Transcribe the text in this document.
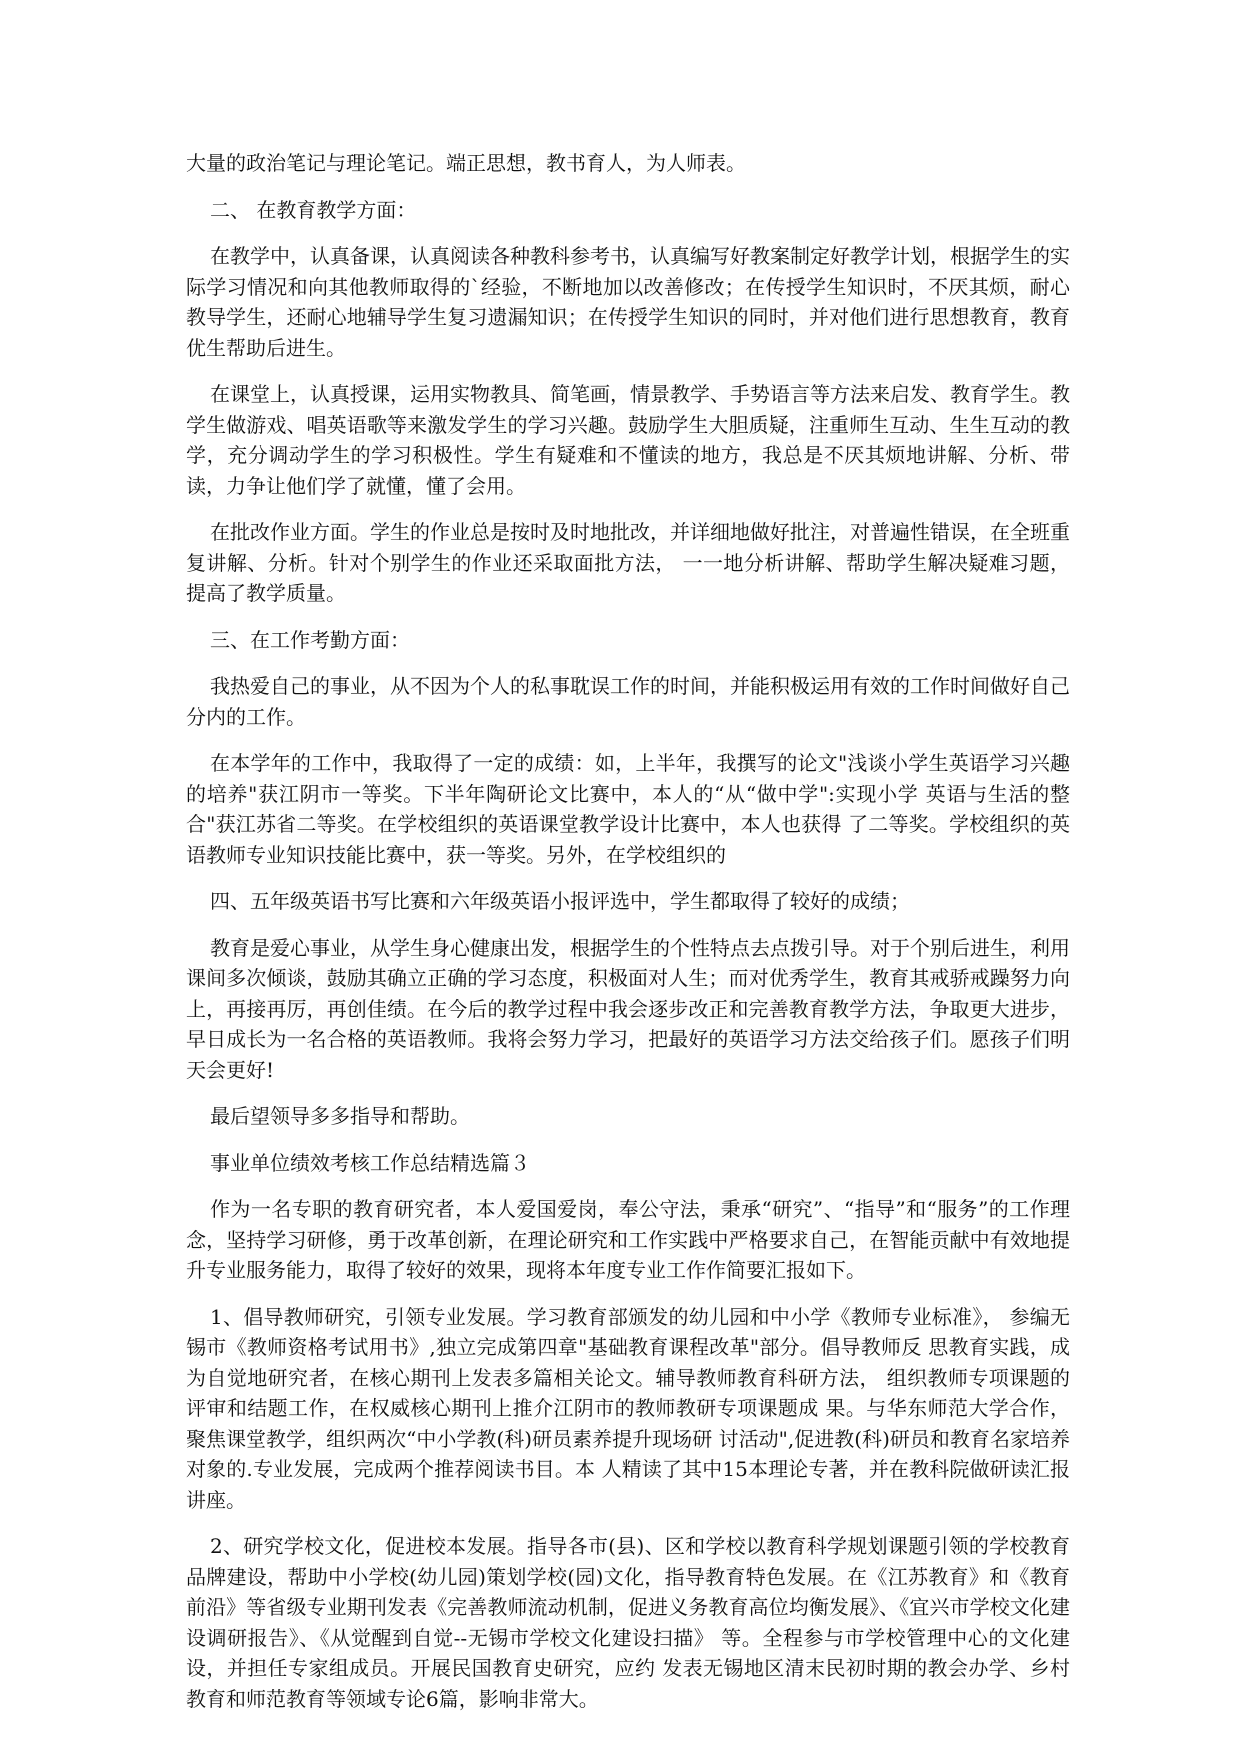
大量的政治笔记与理论笔记。端正思想，教书育人，为人师表。

二、 在教育教学方面：

在教学中，认真备课，认真阅读各种教科参考书，认真编写好教案制定好教学计划，根据学生的实际学习情况和向其他教师取得的`经验，不断地加以改善修改；在传授学生知识时，不厌其烦，耐心教导学生，还耐心地辅导学生复习遗漏知识；在传授学生知识的同时，并对他们进行思想教育，教育优生帮助后进生。

在课堂上，认真授课，运用实物教具、简笔画，情景教学、手势语言等方法来启发、教育学生。教学生做游戏、唱英语歌等来激发学生的学习兴趣。鼓励学生大胆质疑，注重师生互动、生生互动的教学，充分调动学生的学习积极性。学生有疑难和不懂读的地方，我总是不厌其烦地讲解、分析、带读，力争让他们学了就懂，懂了会用。

在批改作业方面。学生的作业总是按时及时地批改，并详细地做好批注，对普遍性错误，在全班重复讲解、分析。针对个别学生的作业还采取面批方法， 一一地分析讲解、帮助学生解决疑难习题，提高了教学质量。

三、在工作考勤方面：

我热爱自己的事业，从不因为个人的私事耽误工作的时间，并能积极运用有效的工作时间做好自己分内的工作。

在本学年的工作中，我取得了一定的成绩：如，上半年，我撰写的论文"浅谈小学生英语学习兴趣的培养"获江阴市一等奖。下半年陶研论文比赛中，本人的“从“做中学":实现小学 英语与生活的整合"获江苏省二等奖。在学校组织的英语课堂教学设计比赛中，本人也获得 了二等奖。学校组织的英语教师专业知识技能比赛中，获一等奖。另外，在学校组织的

四、五年级英语书写比赛和六年级英语小报评选中，学生都取得了较好的成绩；

教育是爱心事业，从学生身心健康出发，根据学生的个性特点去点拨引导。对于个别后进生，利用课间多次倾谈，鼓励其确立正确的学习态度，积极面对人生；而对优秀学生，教育其戒骄戒躁努力向上，再接再厉，再创佳绩。在今后的教学过程中我会逐步改正和完善教育教学方法，争取更大进步，早日成长为一名合格的英语教师。我将会努力学习，把最好的英语学习方法交给孩子们。愿孩子们明天会更好!

最后望领导多多指导和帮助。

事业单位绩效考核工作总结精选篇３

作为一名专职的教育研究者，本人爱国爱岗，奉公守法，秉承“研究”、“指导”和“服务”的工作理念，坚持学习研修，勇于改革创新，在理论研究和工作实践中严格要求自己，在智能贡献中有效地提升专业服务能力，取得了较好的效果，现将本年度专业工作作简要汇报如下。

1、倡导教师研究，引领专业发展。学习教育部颁发的幼儿园和中小学《教师专业标准》， 参编无锡市《教师资格考试用书》,独立完成第四章"基础教育课程改革"部分。倡导教师反 思教育实践，成为自觉地研究者，在核心期刊上发表多篇相关论文。辅导教师教育科研方法， 组织教师专项课题的评审和结题工作，在权威核心期刊上推介江阴市的教师教研专项课题成 果。与华东师范大学合作，聚焦课堂教学，组织两次“中小学教(科)研员素养提升现场研 讨活动",促进教(科)研员和教育名家培养对象的.专业发展，完成两个推荐阅读书目。本 人精读了其中15本理论专著，并在教科院做研读汇报讲座。

2、研究学校文化，促进校本发展。指导各市(县)、区和学校以教育科学规划课题引领的学校教育品牌建设，帮助中小学校(幼儿园)策划学校(园)文化，指导教育特色发展。在《江苏教育》和《教育前沿》等省级专业期刊发表《完善教师流动机制，促进义务教育高位均衡发展》、《宜兴市学校文化建设调研报告》、《从觉醒到自觉--无锡市学校文化建设扫描》 等。全程参与市学校管理中心的文化建设，并担任专家组成员。开展民国教育史研究，应约 发表无锡地区清末民初时期的教会办学、乡村教育和师范教育等领域专论6篇，影响非常大。
